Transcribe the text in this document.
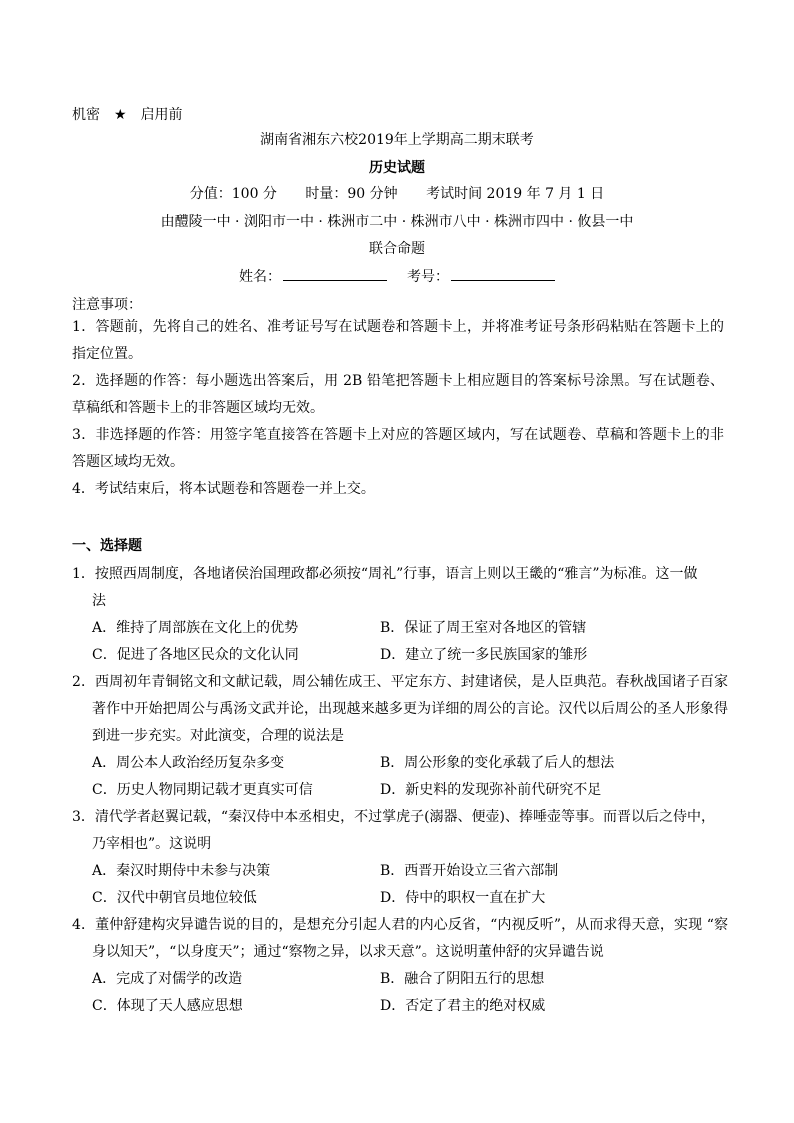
机密 ★ 启用前
湖南省湘东六校2019年上学期高二期末联考
历史试题
分值：100 分 时量：90 分钟 考试时间 2019 年 7 月 1 日
由醴陵一中 · 浏阳市一中 · 株洲市二中 · 株洲市八中 · 株洲市四中 · 攸县一中
联合命题
姓名：	考号：
注意事项：
1．答题前，先将自己的姓名、准考证号写在试题卷和答题卡上，并将准考证号条形码粘贴在答题卡上的指定位置。
2．选择题的作答：每小题选出答案后，用 2B 铅笔把答题卡上相应题目的答案标号涂黑。写在试题卷、草稿纸和答题卡上的非答题区域均无效。
3．非选择题的作答：用签字笔直接答在答题卡上对应的答题区域内，写在试题卷、草稿和答题卡上的非答题区域均无效。
4．考试结束后，将本试题卷和答题卷一并上交。
一、选择题
1．按照西周制度，各地诸侯治国理政都必须按“周礼”行事，语言上则以王畿的“雅言”为标准。这一做
法
A．维持了周部族在文化上的优势	B．保证了周王室对各地区的管辖
C．促进了各地区民众的文化认同	D．建立了统一多民族国家的雏形
2．西周初年青铜铭文和文献记载，周公辅佐成王、平定东方、封建诸侯，是人臣典范。春秋战国诸子百家著作中开始把周公与禹汤文武并论，出现越来越多更为详细的周公的言论。汉代以后周公的圣人形象得到进一步充实。对此演变，合理的说法是
A．周公本人政治经历复杂多变	B．周公形象的变化承载了后人的想法
C．历史人物同期记载才更真实可信	D．新史料的发现弥补前代研究不足
3．清代学者赵翼记载，“秦汉侍中本丞相史，不过掌虎子(溺器、便壶)、捧唾壶等事。而晋以后之侍中，
乃宰相也”。这说明
A．秦汉时期侍中未参与决策	B．西晋开始设立三省六部制
C．汉代中朝官员地位较低	D．侍中的职权一直在扩大
4．董仲舒建构灾异谴告说的目的，是想充分引起人君的内心反省，“内视反听”，从而求得天意，实现 “察身以知天”，“以身度天”；通过“察物之异，以求天意”。这说明董仲舒的灾异谴告说
A．完成了对儒学的改造	B．融合了阴阳五行的思想
C．体现了天人感应思想	D．否定了君主的绝对权威
